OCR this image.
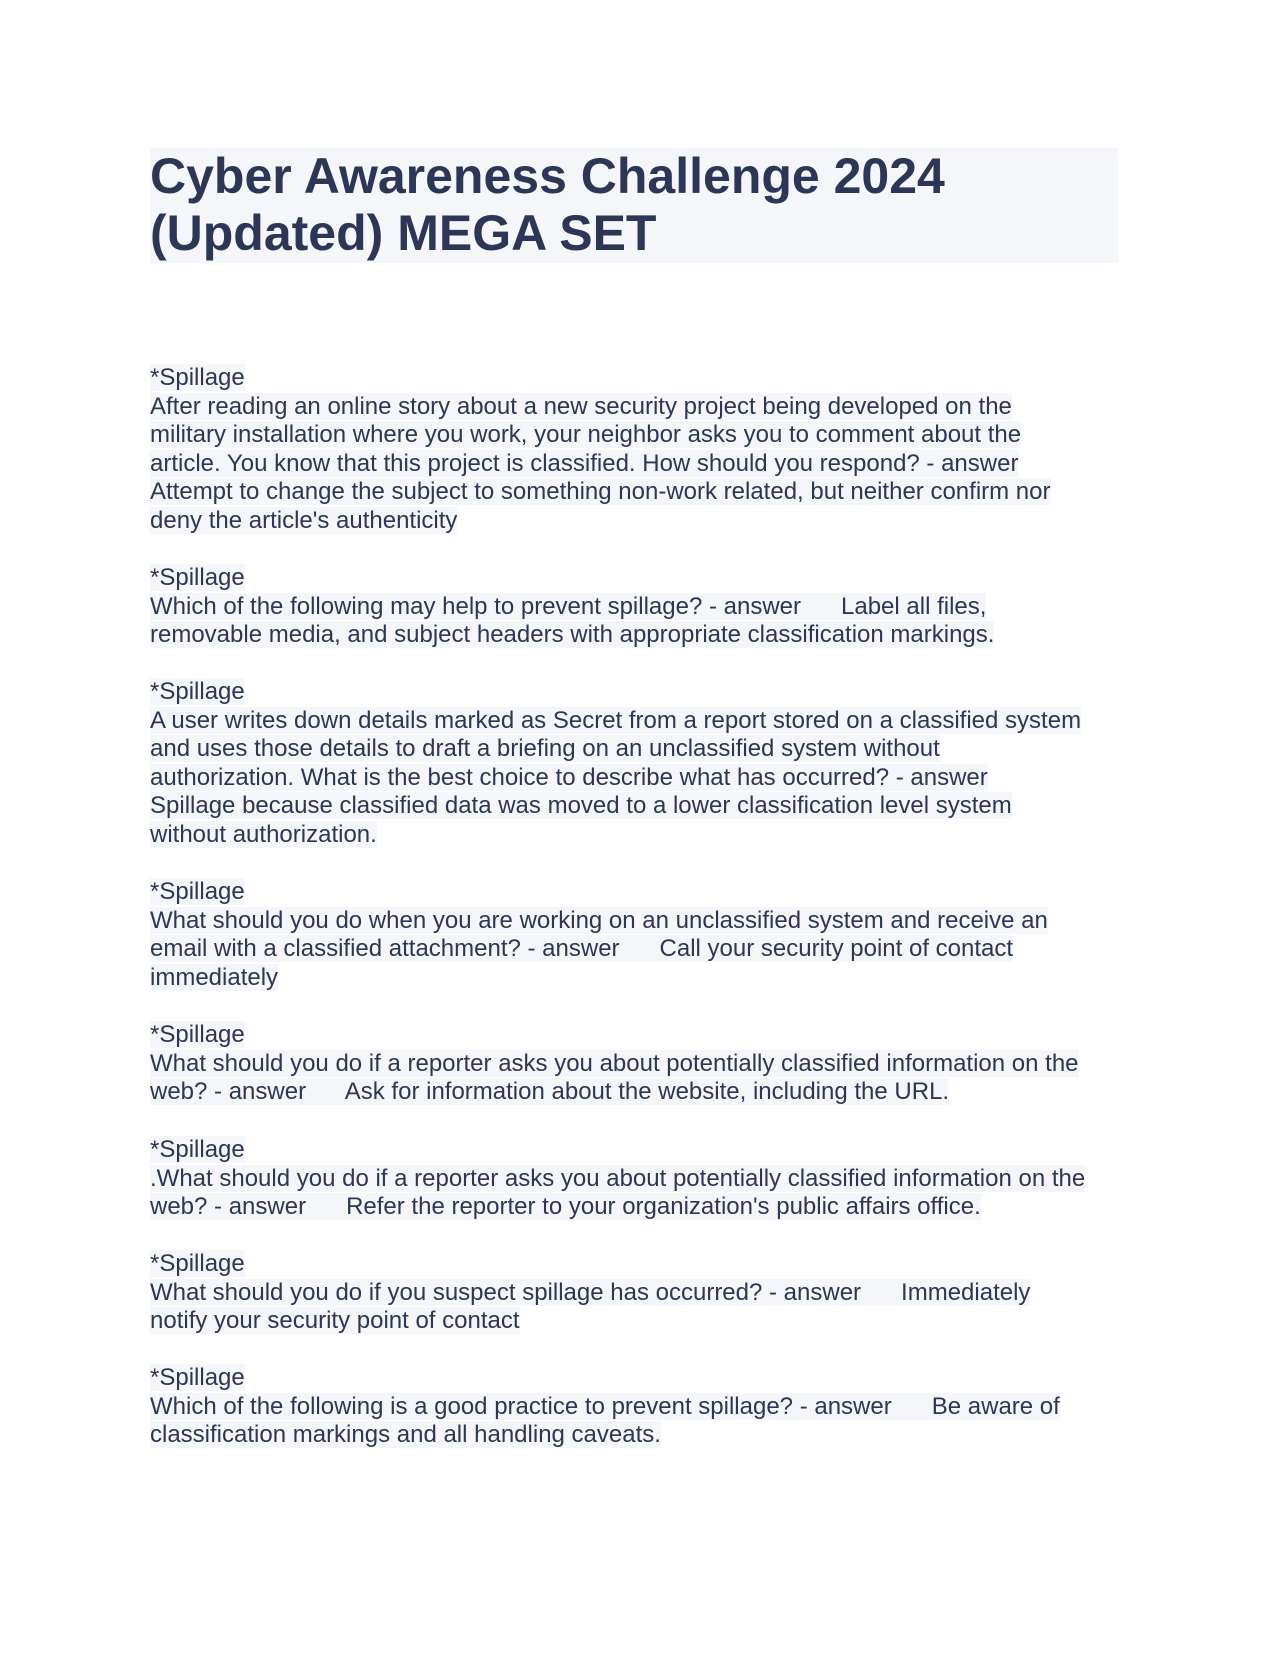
Cyber Awareness Challenge 2024
(Updated) MEGA SET
*Spillage
After reading an online story about a new security project being developed on the
military installation where you work, your neighbor asks you to comment about the
article. You know that this project is classified. How should you respond? - answer
Attempt to change the subject to something non-work related, but neither confirm nor
deny the article's authenticity

*Spillage
Which of the following may help to prevent spillage? - answer      Label all files,
removable media, and subject headers with appropriate classification markings.

*Spillage
A user writes down details marked as Secret from a report stored on a classified system
and uses those details to draft a briefing on an unclassified system without
authorization. What is the best choice to describe what has occurred? - answer
Spillage because classified data was moved to a lower classification level system
without authorization.

*Spillage
What should you do when you are working on an unclassified system and receive an
email with a classified attachment? - answer      Call your security point of contact
immediately

*Spillage
What should you do if a reporter asks you about potentially classified information on the
web? - answer      Ask for information about the website, including the URL.

*Spillage
.What should you do if a reporter asks you about potentially classified information on the
web? - answer      Refer the reporter to your organization's public affairs office.

*Spillage
What should you do if you suspect spillage has occurred? - answer      Immediately
notify your security point of contact

*Spillage
Which of the following is a good practice to prevent spillage? - answer      Be aware of
classification markings and all handling caveats.
